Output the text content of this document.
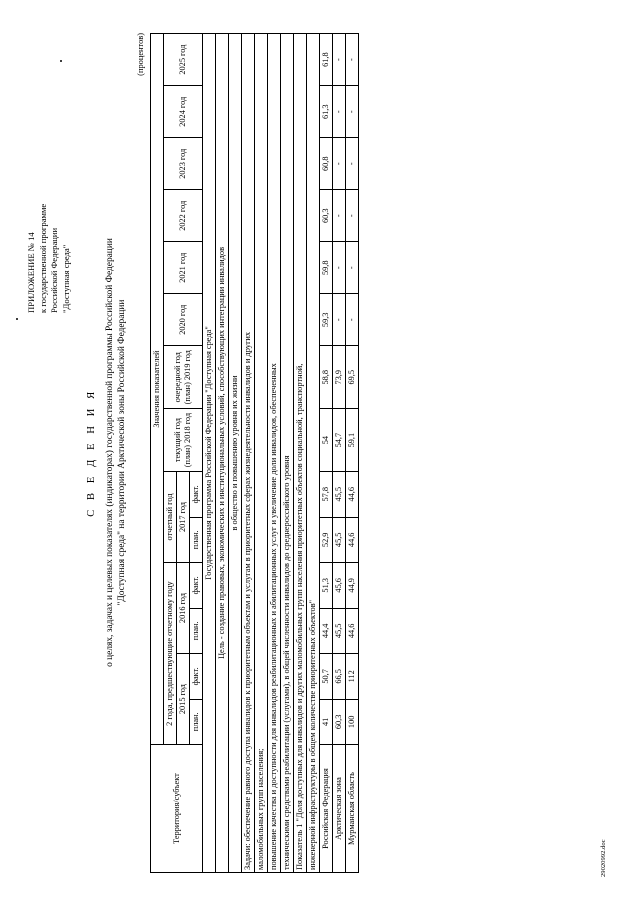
ПРИЛОЖЕНИЕ № 14 к государственной программе Российской Федерации "Доступная среда"
С В Е Д Е Н И Я о целях, задачах и целевых показателях (индикаторах) государственной программы Российской Федерации "Доступная среда" на территории Арктической зоны Российской Федерации
(процентов)
Территория/субъект	Значения показателей													
	2 года, предшествующие отчетному году				отчетный год		текущий год (план) 2018 год	очередной год (план) 2019 год	2020 год	2021 год	2022 год	2023 год	2024 год	2025 год
	2015 год		2016 год		2017 год									
	план.	факт.	план.	факт.	план.	факт.								
Государственная программа Российской Федерации "Доступная среда"														
Цель - создание правовых, экономических и институциональных условий, способствующих интеграции инвалидов														
в общество и повышению уровня их жизни														
Задачи: обеспечение равного доступа инвалидов к приоритетным объектам и услугам в приоритетных сферах жизнедеятельности инвалидов и других														
маломобильных групп населения;														
повышение качества и доступности для инвалидов реабилитационных и абилитационных услуг и увеличение доли инвалидов, обеспеченных														
техническими средствами реабилитации (услугами), в общей численности инвалидов до среднероссийского уровня														
Показатель 1 "Доля доступных для инвалидов и других маломобильных групп населения приоритетных объектов социальной, транспортной,														
инженерной инфраструктуры в общем количестве приоритетных объектов"														
Российская Федерация	41	50,7	44,4	51,3	52,9	57,8	54	58,8	59,3	59,8	60,3	60,8	61,3	61,8
Арктическая зона	60,3	66,5	45,5	45,6	45,5	45,5	54,7	73,9	-	-	-	-	-	-
Мурманская область	100	112	44,6	44,9	44,6	44,6	59,1	69,5	-	-	-	-	-	-
29020992.doc
